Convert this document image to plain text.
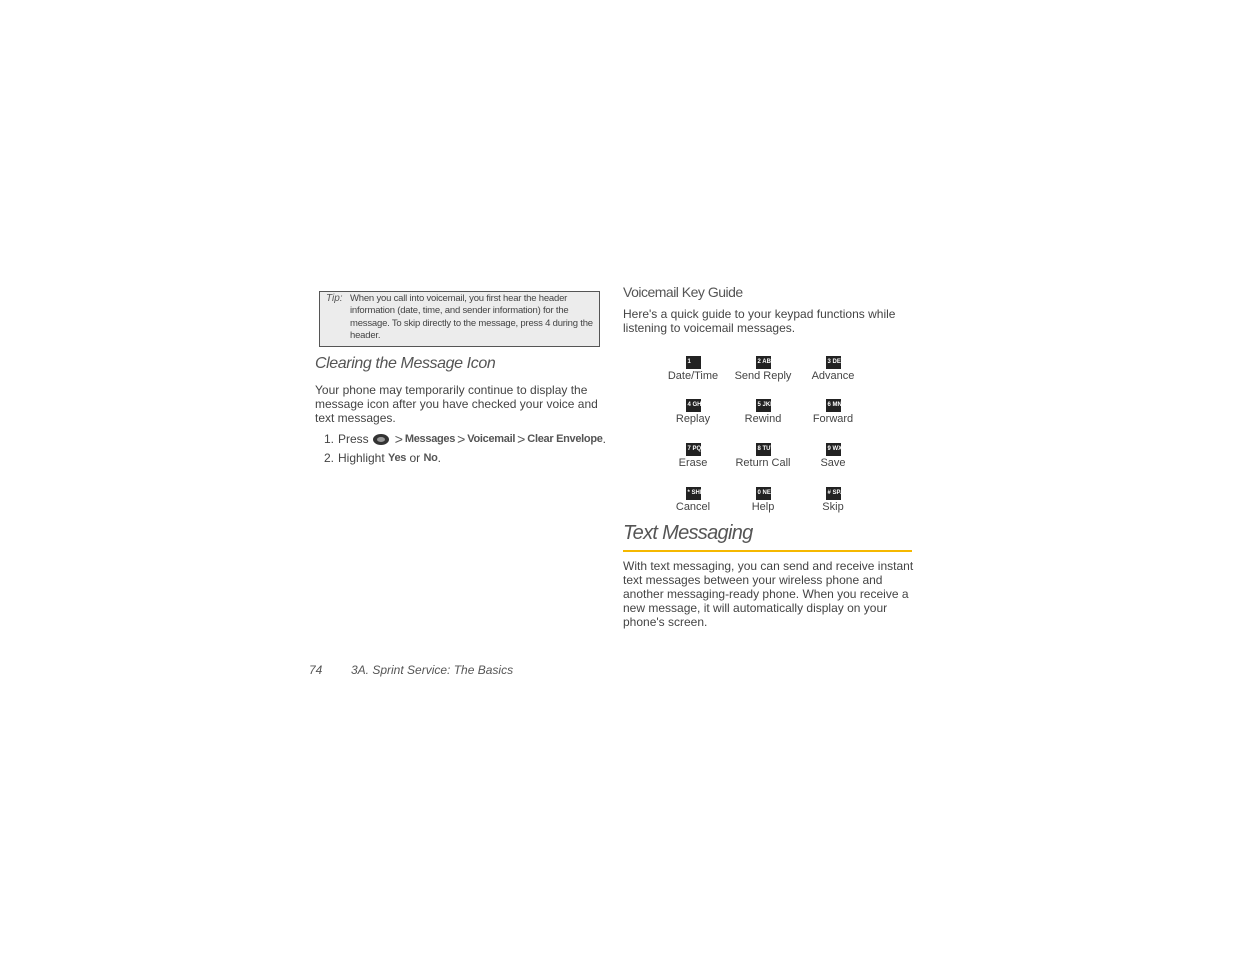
Tip: When you call into voicemail, you first hear the header information (date, time, and sender information) for the message. To skip directly to the message, press 4 during the header.
Clearing the Message Icon
Your phone may temporarily continue to display the message icon after you have checked your voice and text messages.
1. Press > Messages > Voicemail > Clear Envelope .
2. Highlight
Yes
or
No .
Voicemail Key Guide
Here's a quick guide to your keypad functions while listening to voicemail messages.
1
Date/Time
2 ABC
Send Reply
3 DEF
Advance
4 GHI
Replay
5 JKL
Rewind
6 MNO
Forward
7 PQRS
Erase
8 TUV
Return Call
9 WXYZ
Save
* SHIFT
Cancel
0 NEXT
Help
# SPACE
Skip
Text Messaging
With text messaging, you can send and receive instant text messages between your wireless phone and another messaging-ready phone. When you receive a new message, it will automatically display on your phone's screen.
74 3A. Sprint Service: The Basics
